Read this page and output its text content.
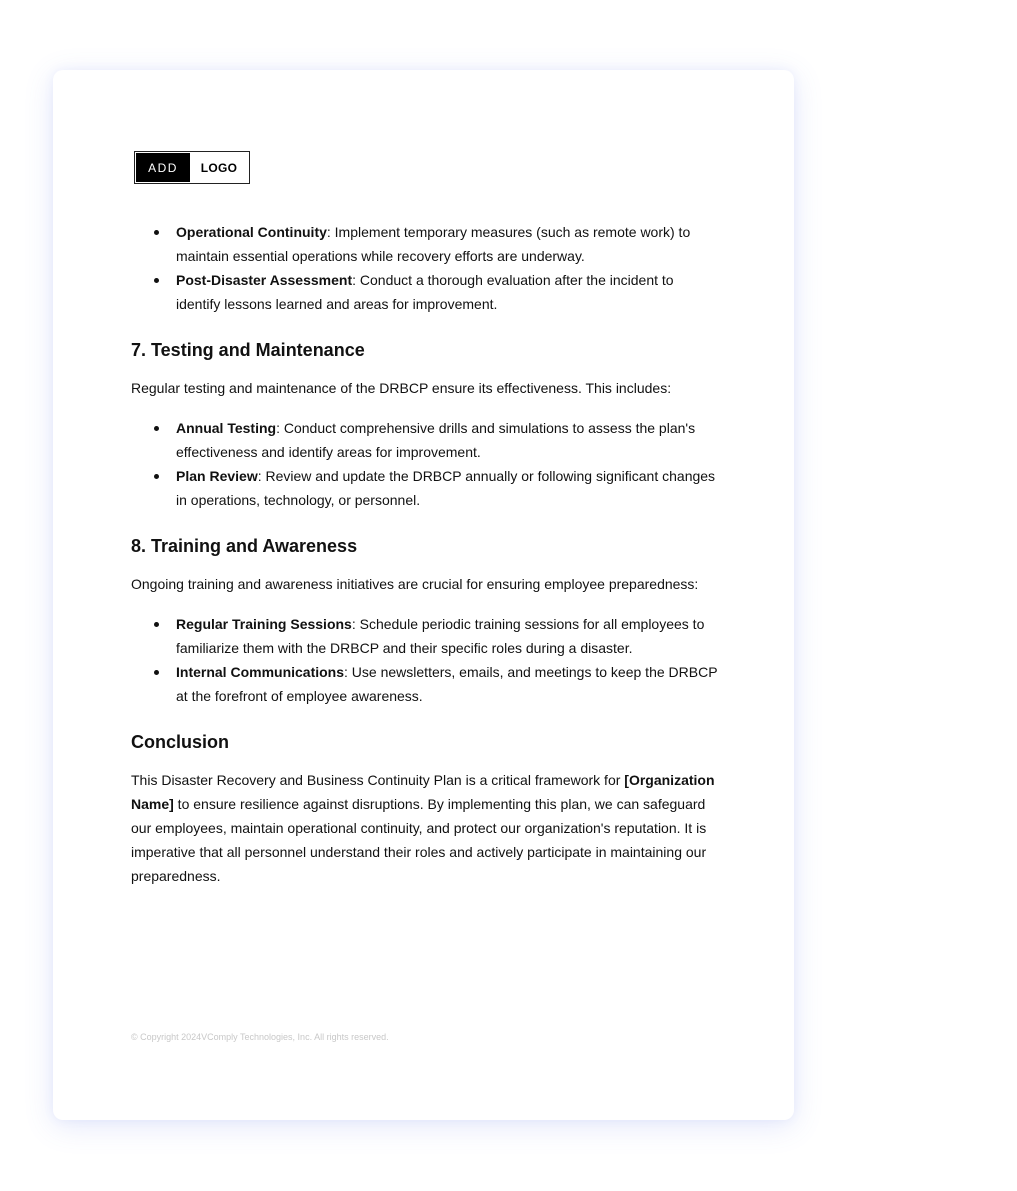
ADD	LOGO
Operational Continuity: Implement temporary measures (such as remote work) to maintain essential operations while recovery efforts are underway.
Post-Disaster Assessment: Conduct a thorough evaluation after the incident to identify lessons learned and areas for improvement.
7. Testing and Maintenance

Regular testing and maintenance of the DRBCP ensure its effectiveness. This includes:

Annual Testing: Conduct comprehensive drills and simulations to assess the plan's effectiveness and identify areas for improvement.
Plan Review: Review and update the DRBCP annually or following significant changes in operations, technology, or personnel.
8. Training and Awareness

Ongoing training and awareness initiatives are crucial for ensuring employee preparedness:

Regular Training Sessions: Schedule periodic training sessions for all employees to familiarize them with the DRBCP and their specific roles during a disaster.
Internal Communications: Use newsletters, emails, and meetings to keep the DRBCP at the forefront of employee awareness.
Conclusion

This Disaster Recovery and Business Continuity Plan is a critical framework for [Organization Name] to ensure resilience against disruptions. By implementing this plan, we can safeguard our employees, maintain operational continuity, and protect our organization's reputation. It is imperative that all personnel understand their roles and actively participate in maintaining our preparedness.

© Copyright 2024VComply Technologies, Inc. All rights reserved.
